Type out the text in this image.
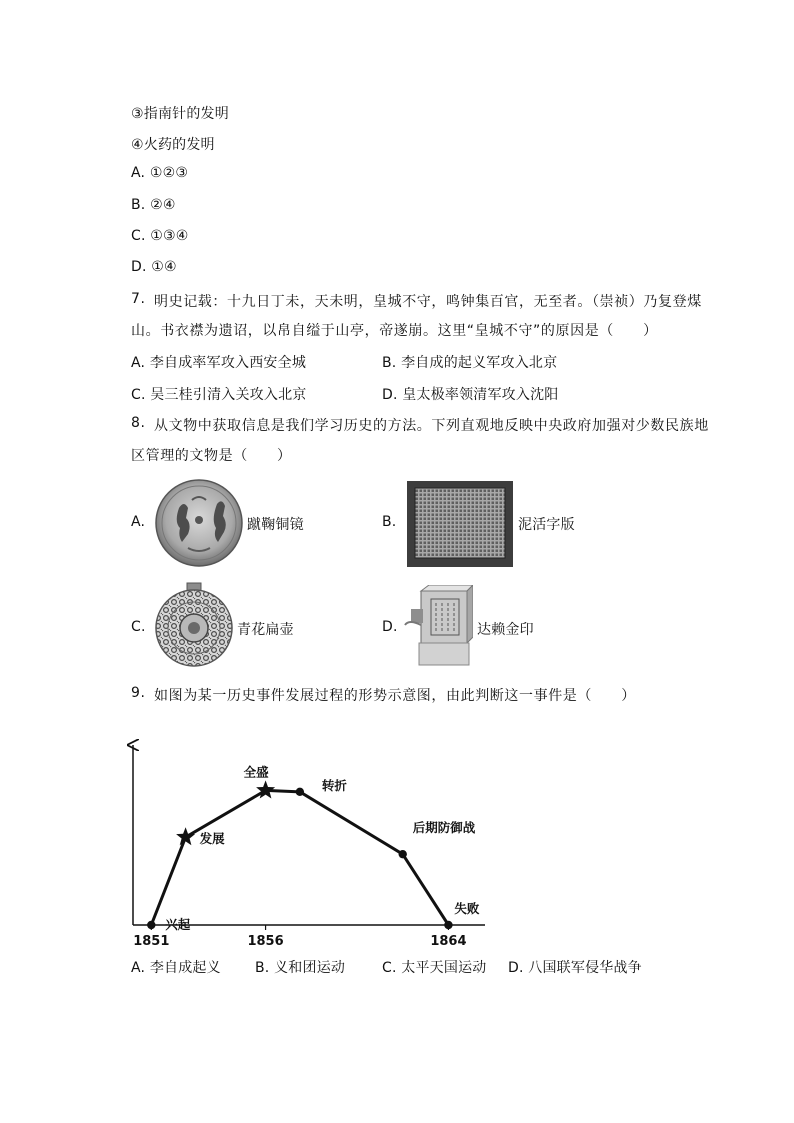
③指南针的发明
④火药的发明
A. ①②③
B. ②④
C. ①③④
D. ①④
7. 明史记载：十九日丁未，天未明，皇城不守，鸣钟集百官，无至者。（崇祯）乃复登煤
山。书衣襟为遗诏，以帛自缢于山亭，帝遂崩。这里“皇城不守”的原因是（　　）
A. 李自成率军攻入西安全城	B. 李自成的起义军攻入北京
C. 吴三桂引清入关攻入北京	D. 皇太极率领清军攻入沈阳
8. 从文物中获取信息是我们学习历史的方法。下列直观地反映中央政府加强对少数民族地
区管理的文物是（　　）
A.	蹴鞠铜镜	B.	泥活字版
C.	青花扁壶	D.	达赖金印
9. 如图为某一历史事件发展过程的形势示意图，由此判断这一事件是（　　）
1851	1856	1864
兴起
发展
全盛
转折
后期防御战
失败
A. 李自成起义 B. 义和团运动	C. 太平天国运动 D. 八国联军侵华战争
